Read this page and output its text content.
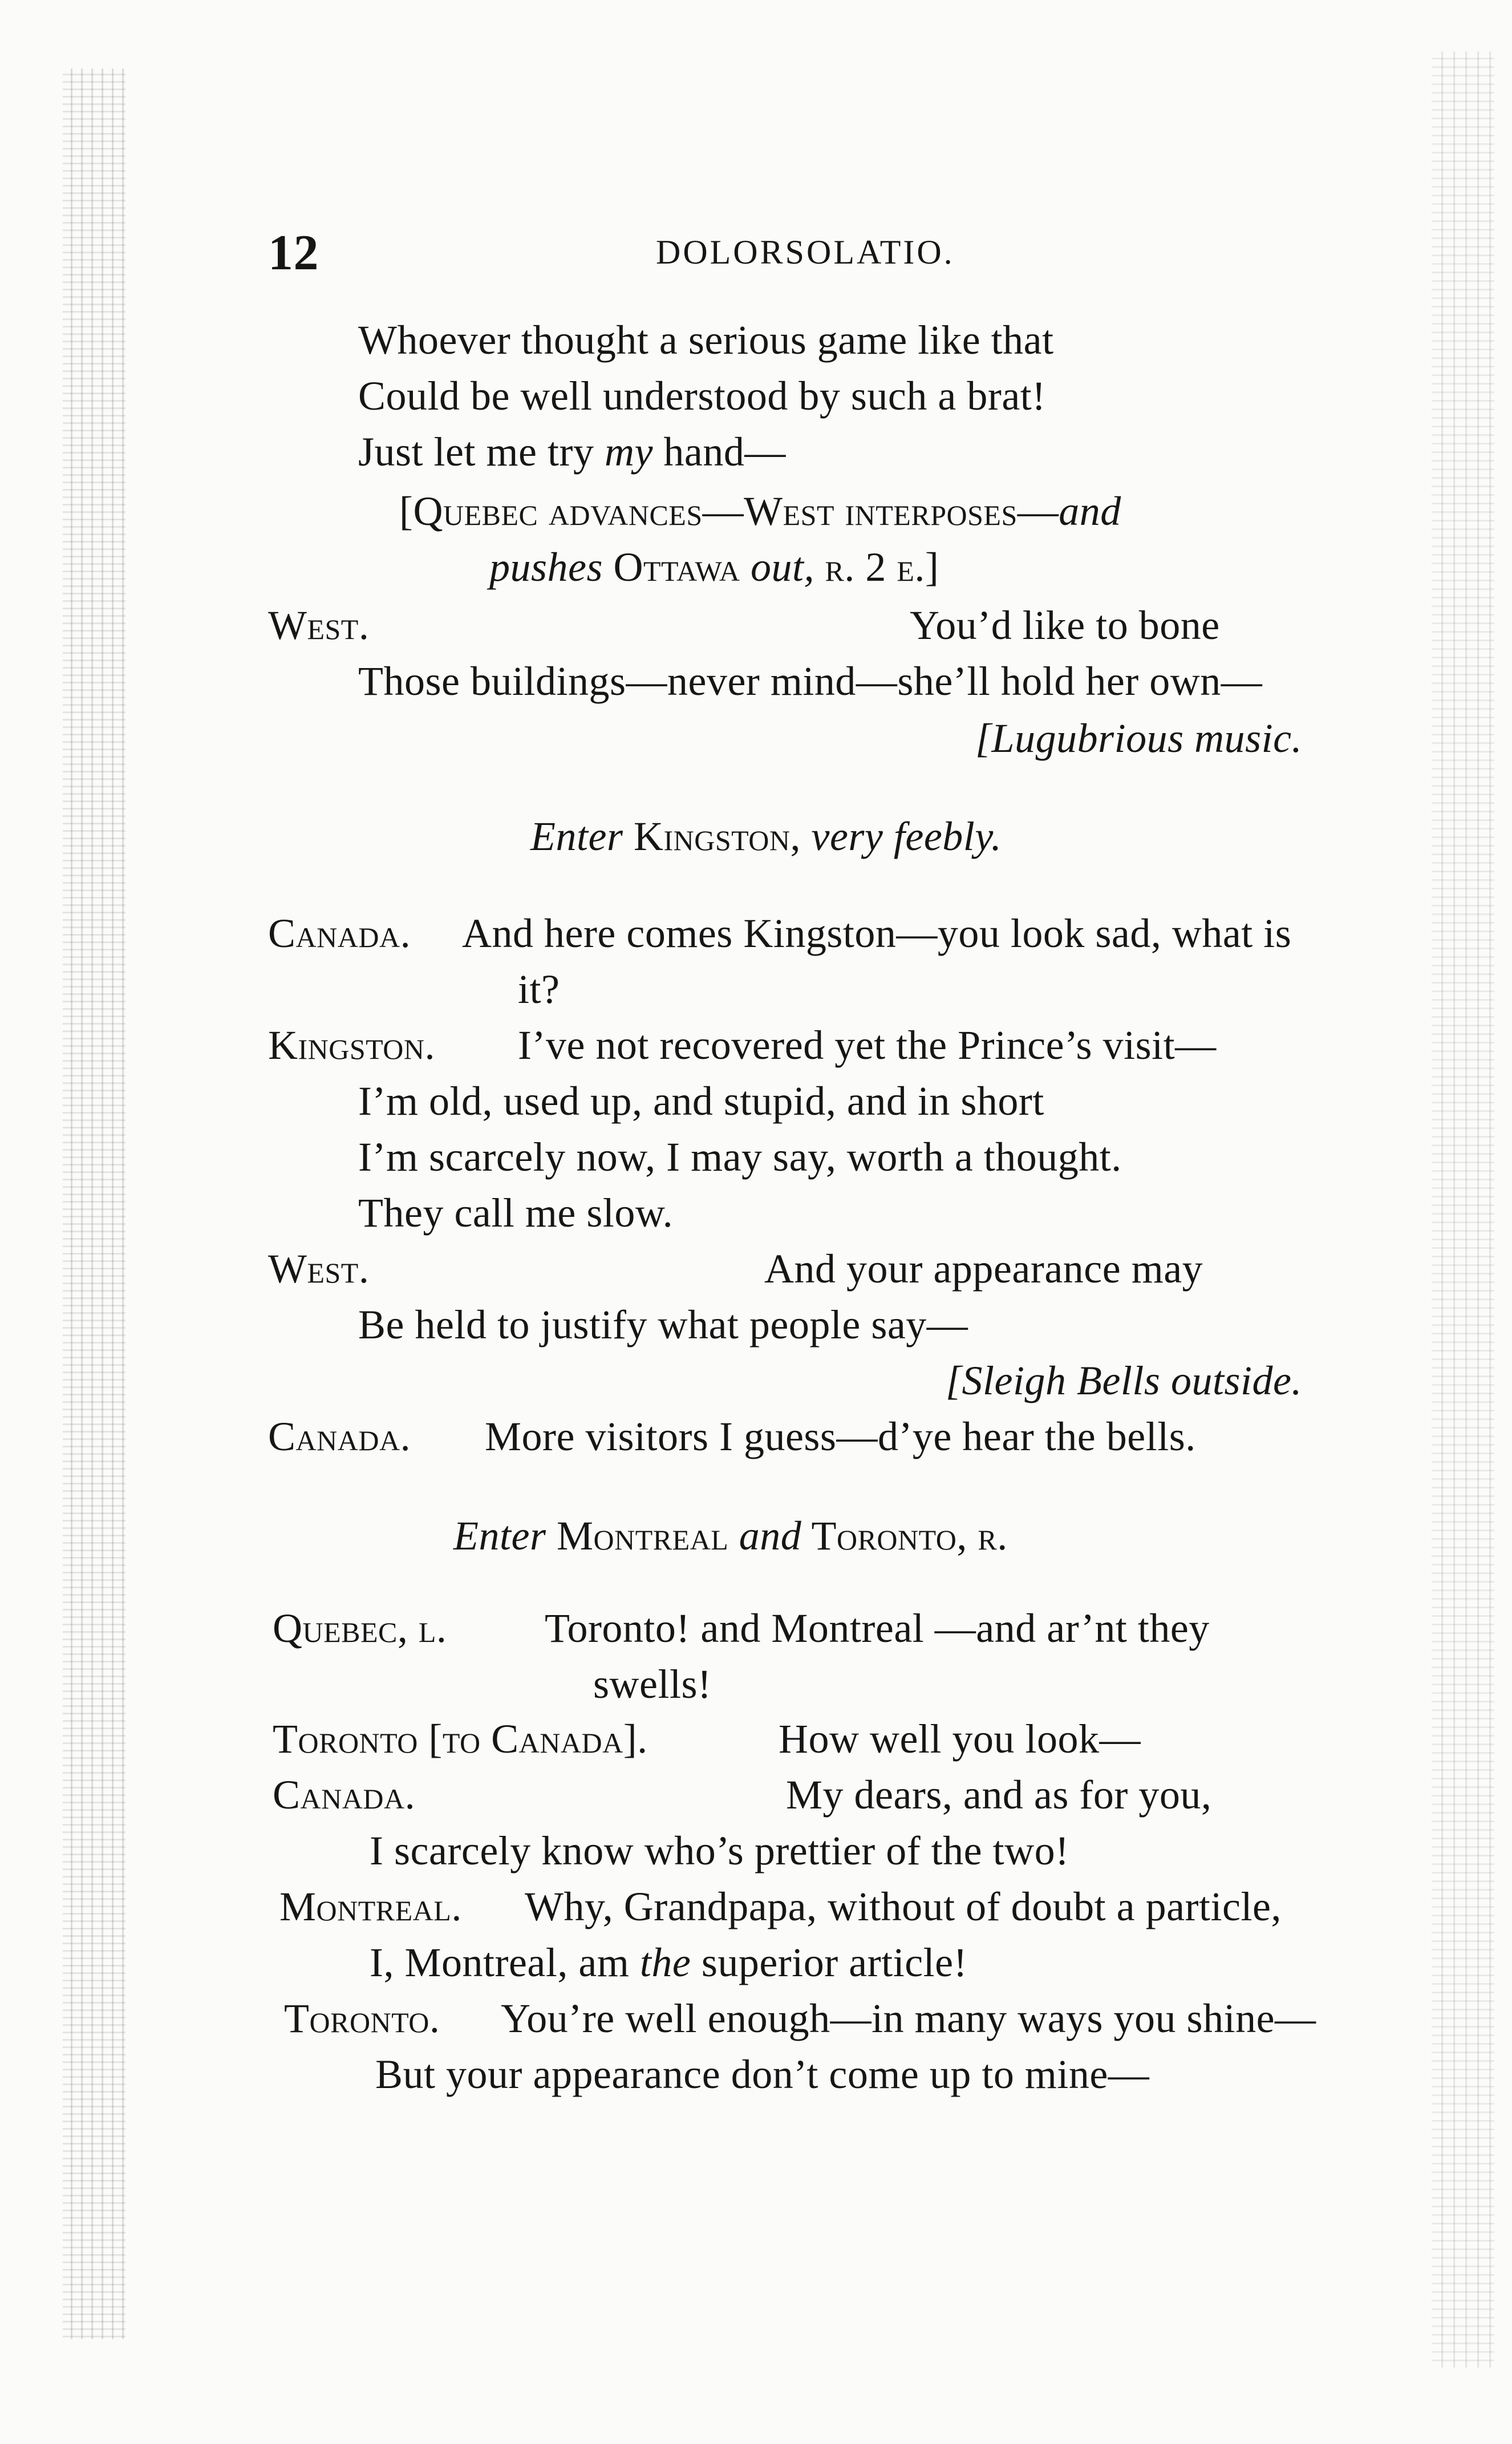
12	DOLORSOLATIO.
Whoever thought a serious game like that
Could be well understood by such a brat!
Just let me try my hand—
[Quebec advances—West interposes—and
pushes Ottawa out, r. 2 e.]
West.	You’d like to bone
Those buildings—never mind—she’ll hold her own—
[Lugubrious music.
Enter Kingston, very feebly.
Canada. And here comes Kingston—you look sad, what is
it?
Kingston. I’ve not recovered yet the Prince’s visit—
I’m old, used up, and stupid, and in short
I’m scarcely now, I may say, worth a thought.
They call me slow.
West.	And your appearance may
Be held to justify what people say—
[Sleigh Bells outside.
Canada. More visitors I guess—d’ye hear the bells.
Enter Montreal and Toronto, r.
Quebec, l. Toronto! and Montreal —and ar’nt they
swells!
Toronto [to Canada].	How well you look—
Canada.	My dears, and as for you,
I scarcely know who’s prettier of the two!
Montreal. Why, Grandpapa, without of doubt a particle,
I, Montreal, am the superior article!
Toronto. You’re well enough—in many ways you shine—
But your appearance don’t come up to mine—
